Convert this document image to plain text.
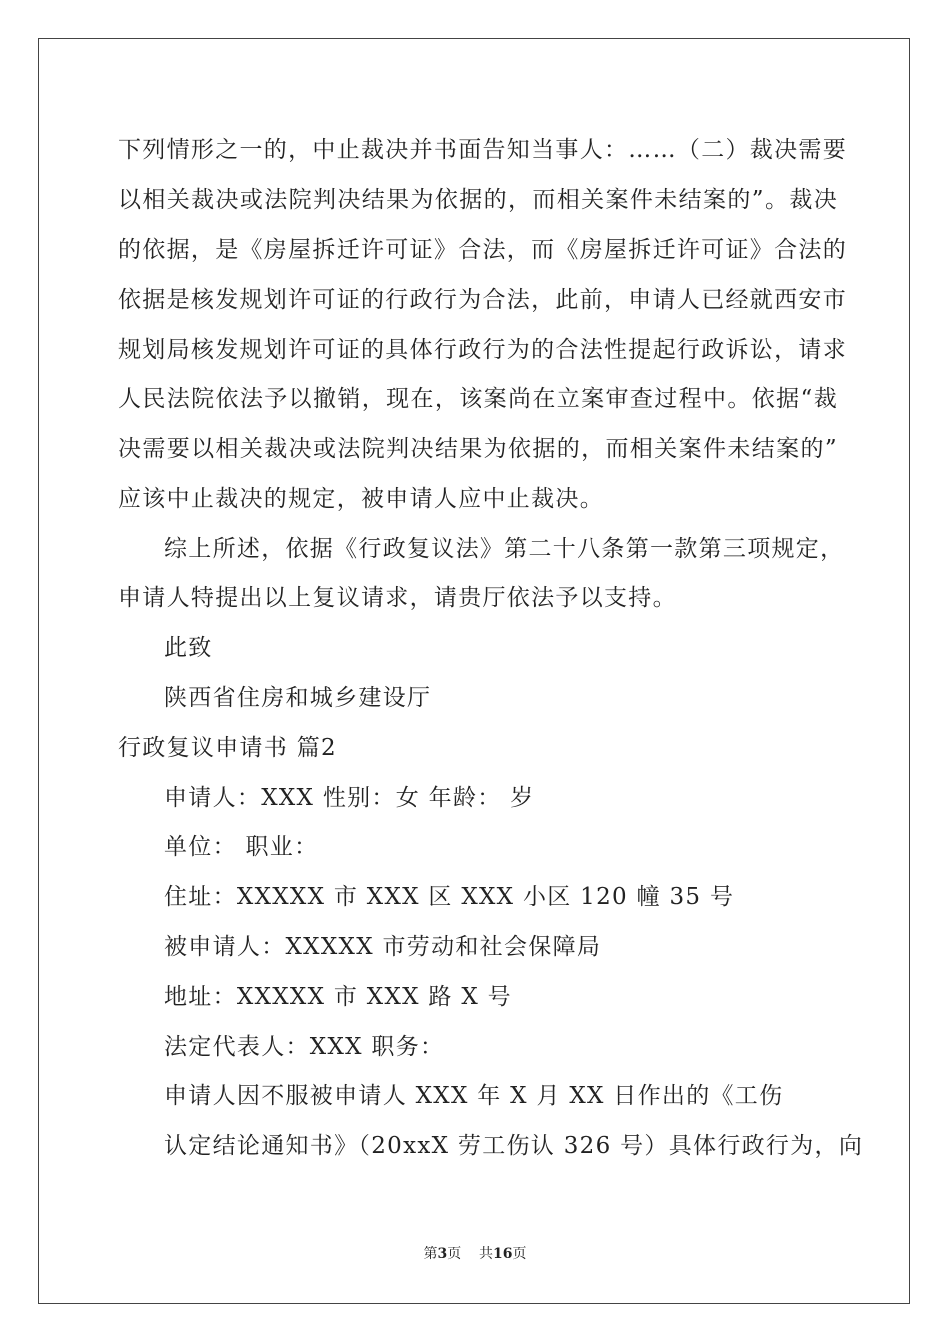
下列情形之一的，中止裁决并书面告知当事人：……（二）裁决需要
以相关裁决或法院判决结果为依据的，而相关案件未结案的”。裁决
的依据，是《房屋拆迁许可证》合法，而《房屋拆迁许可证》合法的
依据是核发规划许可证的行政行为合法，此前，申请人已经就西安市
规划局核发规划许可证的具体行政行为的合法性提起行政诉讼，请求
人民法院依法予以撤销，现在，该案尚在立案审查过程中。依据“裁
决需要以相关裁决或法院判决结果为依据的，而相关案件未结案的”
应该中止裁决的规定，被申请人应中止裁决。
综上所述，依据《行政复议法》第二十八条第一款第三项规定，
申请人特提出以上复议请求，请贵厅依法予以支持。
此致
陕西省住房和城乡建设厅
行政复议申请书 篇2
申请人：XXX 性别：女 年龄： 岁
单位： 职业：
住址：XXXXX 市 XXX 区 XXX 小区 120 幢 35 号
被申请人：XXXXX 市劳动和社会保障局
地址：XXXXX 市 XXX 路 X 号
法定代表人：XXX 职务：
申请人因不服被申请人 XXX 年 X 月 XX 日作出的《工伤
认定结论通知书》（20xxX 劳工伤认 326 号）具体行政行为，向
第3页 共16页
